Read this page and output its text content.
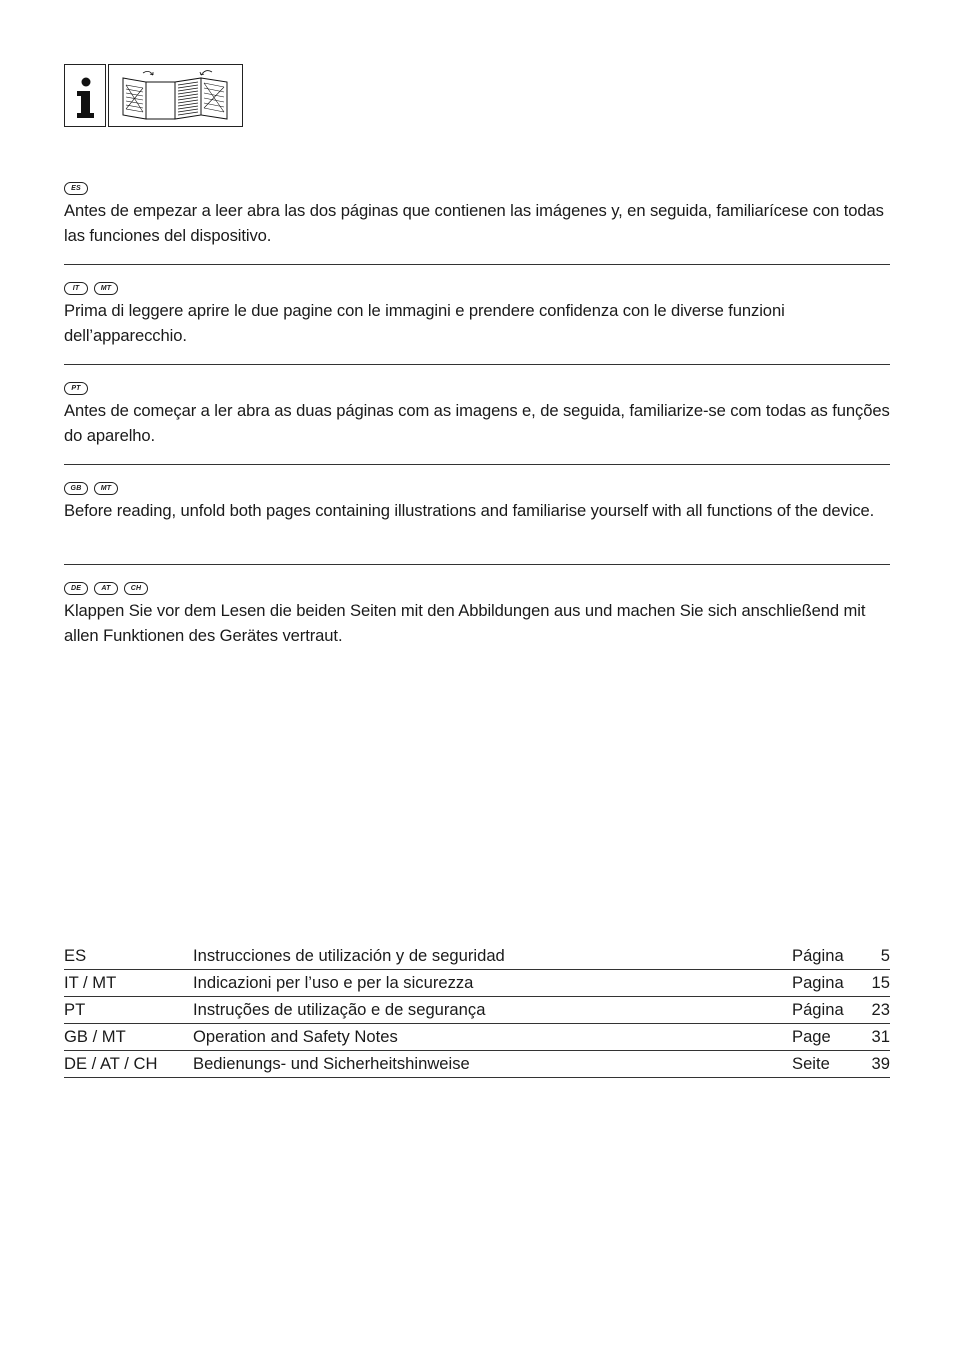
ES

Antes de empezar a leer abra las dos páginas que contienen las imágenes y, en seguida, familiarícese con todas las funciones del dispositivo.

IT	MT

Prima di leggere aprire le due pagine con le immagini e prendere confidenza con le diverse funzioni dell’apparecchio.

PT

Antes de começar a ler abra as duas páginas com as imagens e, de seguida, familiarize-se com todas as funções do aparelho.

GB	MT

Before reading, unfold both pages containing illustrations and familiarise yourself with all functions of the device.

DE	AT	CH

Klappen Sie vor dem Lesen die beiden Seiten mit den Abbildungen aus und machen Sie sich anschließend mit allen Funktionen des Gerätes vertraut.

ES	Instrucciones de utilización y de seguridad	Página 5
IT / MT	Indicazioni per l’uso e per la sicurezza	Pagina 15
PT	Instruções de utilização e de segurança	Página 23
GB / MT	Operation and Safety Notes	Page 31
DE / AT / CH Bedienungs- und Sicherheitshinweise	Seite	39
